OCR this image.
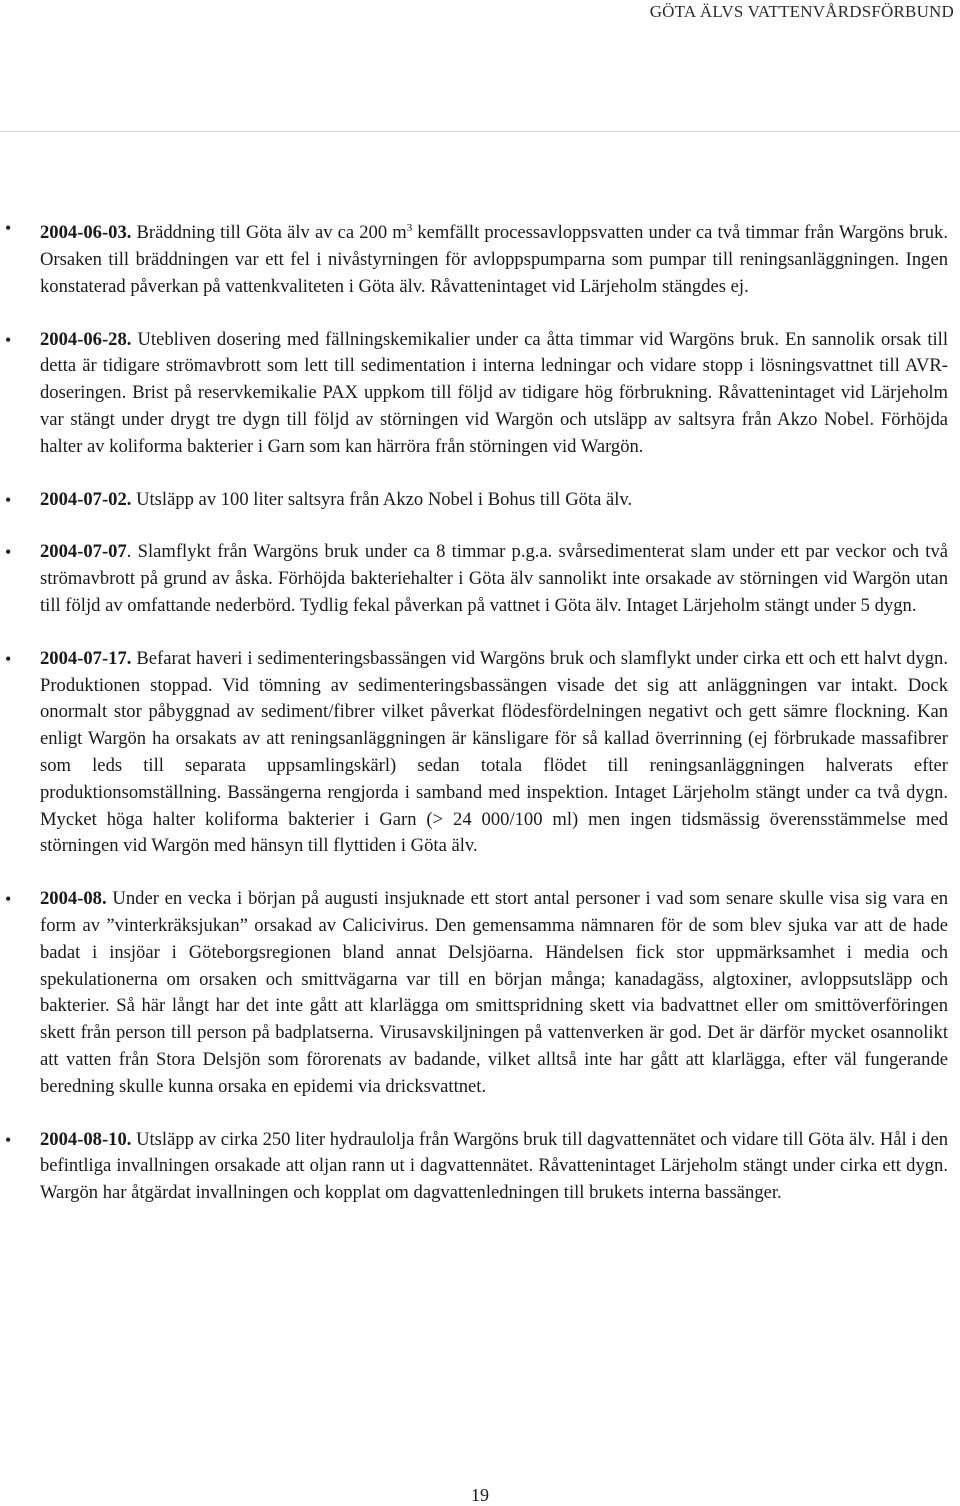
GÖTA ÄLVS VATTENVÅRDSFÖRBUND
• 2004-06-03. Bräddning till Göta älv av ca 200 $m^3$ kemfällt processavloppsvatten under ca två timmar från Wargöns bruk. Orsaken till bräddningen var ett fel i nivåstyrningen för avloppspumparna som pumpar till reningsanläggningen. Ingen konstaterad påverkan på vattenkvaliteten i Göta älv. Råvattenintaget vid Lärjeholm stängdes ej.
• 2004-06-28. Utebliven dosering med fällningskemikalier under ca åtta timmar vid Wargöns bruk. En sannolik orsak till detta är tidigare strömavbrott som lett till sedimentation i interna ledningar och vidare stopp i lösningsvattnet till AVR-doseringen. Brist på reservkemikalie PAX uppkom till följd av tidigare hög förbrukning. Råvattenintaget vid Lärjeholm var stängt under drygt tre dygn till följd av störningen vid Wargön och utsläpp av saltsyra från Akzo Nobel. Förhöjda halter av koliforma bakterier i Garn som kan härröra från störningen vid Wargön.
• 2004-07-02. Utsläpp av 100 liter saltsyra från Akzo Nobel i Bohus till Göta älv.
• 2004-07-07. Slamflykt från Wargöns bruk under ca 8 timmar p.g.a. svårsedimenterat slam under ett par veckor och två strömavbrott på grund av åska. Förhöjda bakteriehalter i Göta älv sannolikt inte orsakade av störningen vid Wargön utan till följd av omfattande nederbörd. Tydlig fekal påverkan på vattnet i Göta älv. Intaget Lärjeholm stängt under 5 dygn.
• 2004-07-17. Befarat haveri i sedimenteringsbassängen vid Wargöns bruk och slamflykt under cirka ett och ett halvt dygn. Produktionen stoppad. Vid tömning av sedimenteringsbassängen visade det sig att anläggningen var intakt. Dock onormalt stor påbyggnad av sediment/fibrer vilket påverkat flödesfördelningen negativt och gett sämre flockning. Kan enligt Wargön ha orsakats av att reningsanläggningen är känsligare för så kallad överrinning (ej förbrukade massafibrer som leds till separata uppsamlingskärl) sedan totala flödet till reningsanläggningen halverats efter produktionsomställning. Bassängerna rengjorda i samband med inspektion. Intaget Lärjeholm stängt under ca två dygn. Mycket höga halter koliforma bakterier i Garn (> 24 000/100 ml) men ingen tidsmässig överensstämmelse med störningen vid Wargön med hänsyn till flyttiden i Göta älv.
• 2004-08. Under en vecka i början på augusti insjuknade ett stort antal personer i vad som senare skulle visa sig vara en form av ”vinterkräksjukan” orsakad av Calicivirus. Den gemensamma nämnaren för de som blev sjuka var att de hade badat i insjöar i Göteborgsregionen bland annat Delsjöarna. Händelsen fick stor uppmärksamhet i media och spekulationerna om orsaken och smittvägarna var till en början många; kanadagäss, algtoxiner, avloppsutsläpp och bakterier. Så här långt har det inte gått att klarlägga om smittspridning skett via badvattnet eller om smittöverföringen skett från person till person på badplatserna. Virusavskiljningen på vattenverken är god. Det är därför mycket osannolikt att vatten från Stora Delsjön som förorenats av badande, vilket alltså inte har gått att klarlägga, efter väl fungerande beredning skulle kunna orsaka en epidemi via dricksvattnet.
• 2004-08-10. Utsläpp av cirka 250 liter hydraulolja från Wargöns bruk till dagvattennätet och vidare till Göta älv. Hål i den befintliga invallningen orsakade att oljan rann ut i dagvattennätet. Råvattenintaget Lärjeholm stängt under cirka ett dygn. Wargön har åtgärdat invallningen och kopplat om dagvattenledningen till brukets interna bassänger.
19
